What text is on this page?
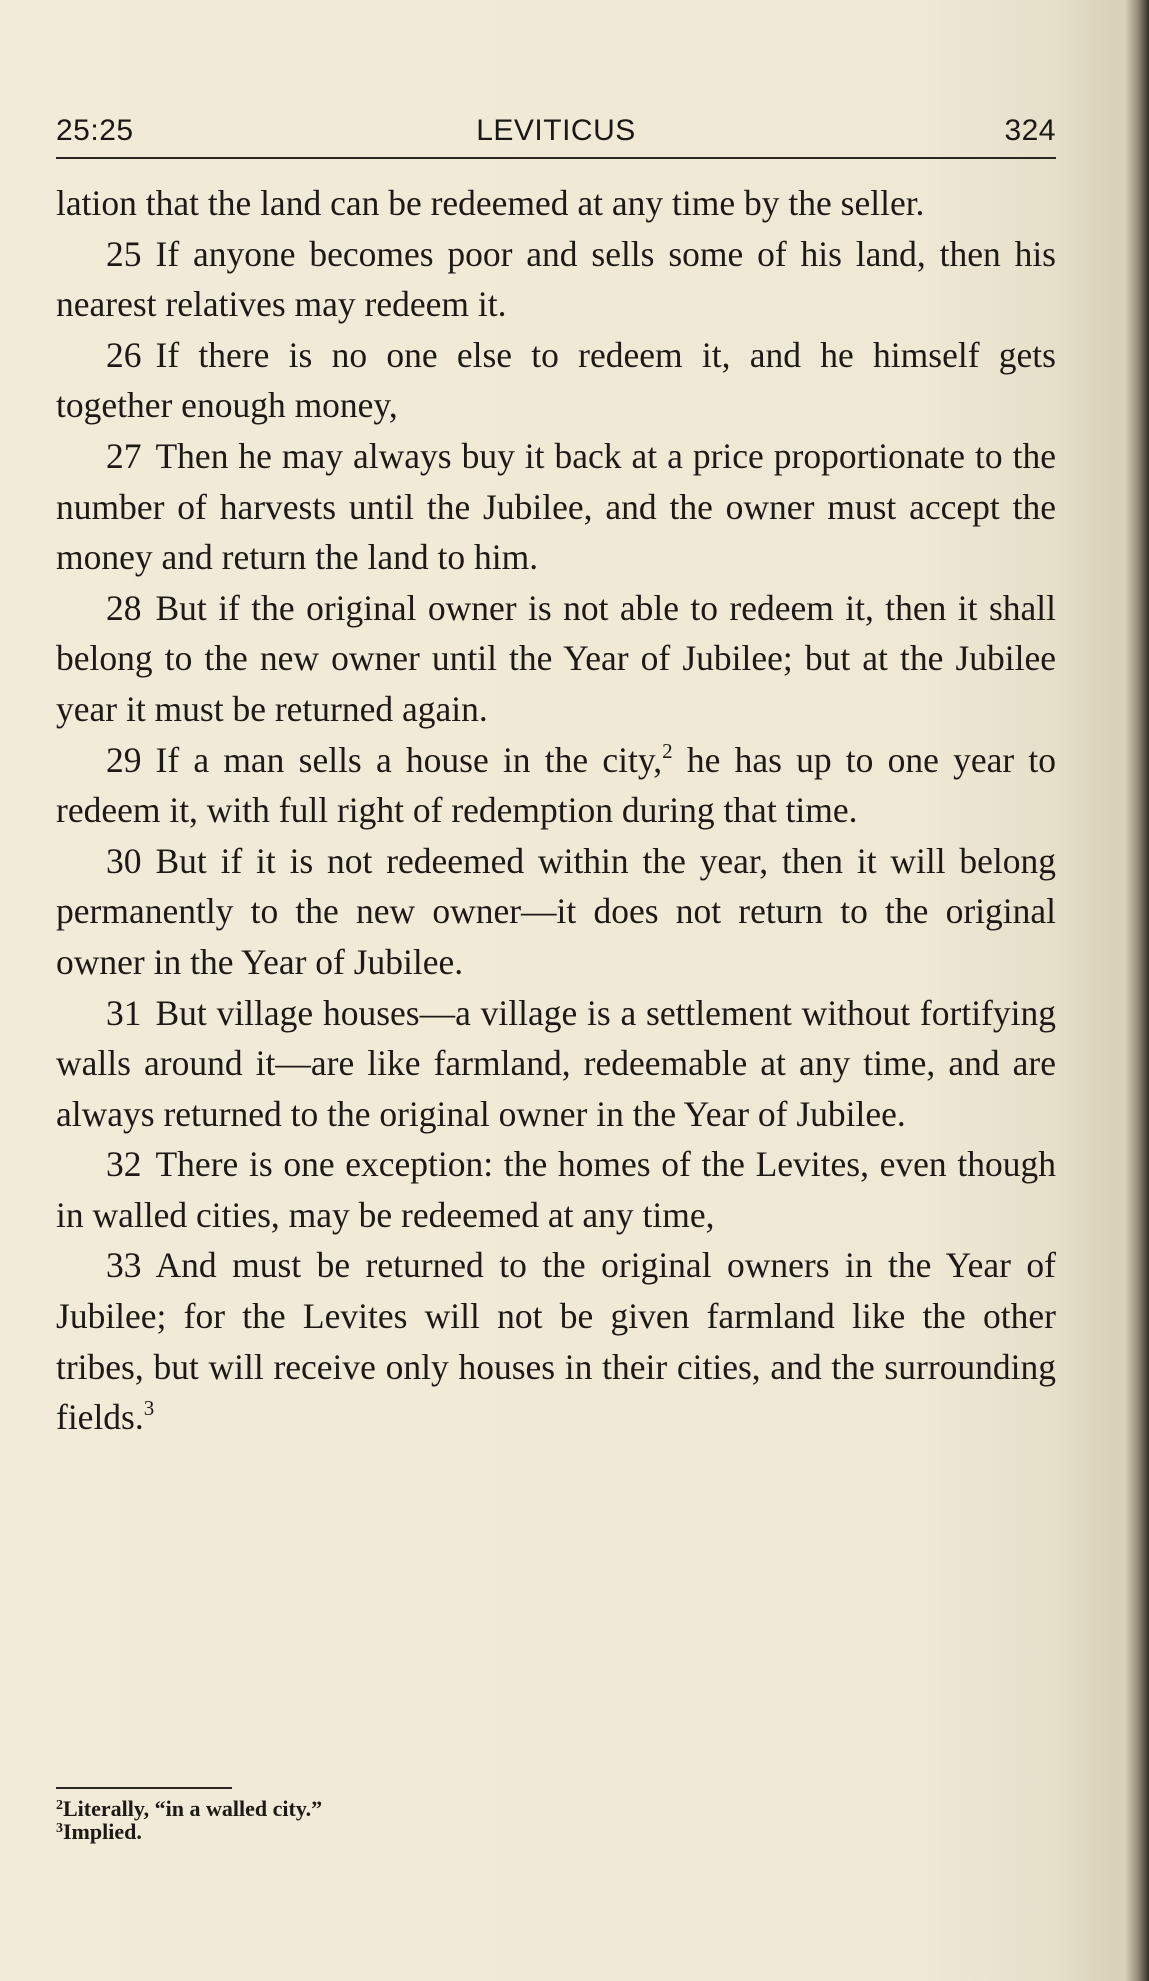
25:25	LEVITICUS	324

lation that the land can be redeemed at any time by the seller.

25 If anyone becomes poor and sells some of his land, then his nearest relatives may redeem it.

26 If there is no one else to redeem it, and he himself gets together enough money,

27 Then he may always buy it back at a price proportionate to the number of harvests until the Jubilee, and the owner must accept the money and return the land to him.

28 But if the original owner is not able to redeem it, then it shall belong to the new owner until the Year of Jubilee; but at the Jubilee year it must be returned again.

29 If a man sells a house in the city,$^2$ he has up to one year to redeem it, with full right of redemption during that time.

30 But if it is not redeemed within the year, then it will belong permanently to the new owner—it does not return to the original owner in the Year of Jubilee.

31 But village houses—a village is a settlement without fortifying walls around it—are like farmland, redeemable at any time, and are always returned to the original owner in the Year of Jubilee.

32 There is one exception: the homes of the Levites, even though in walled cities, may be redeemed at any time,

33 And must be returned to the original owners in the Year of Jubilee; for the Levites will not be given farmland like the other tribes, but will receive only houses in their cities, and the surrounding fields.$^3$

$^2$Literally, “in a walled city.”
$^3$Implied.
